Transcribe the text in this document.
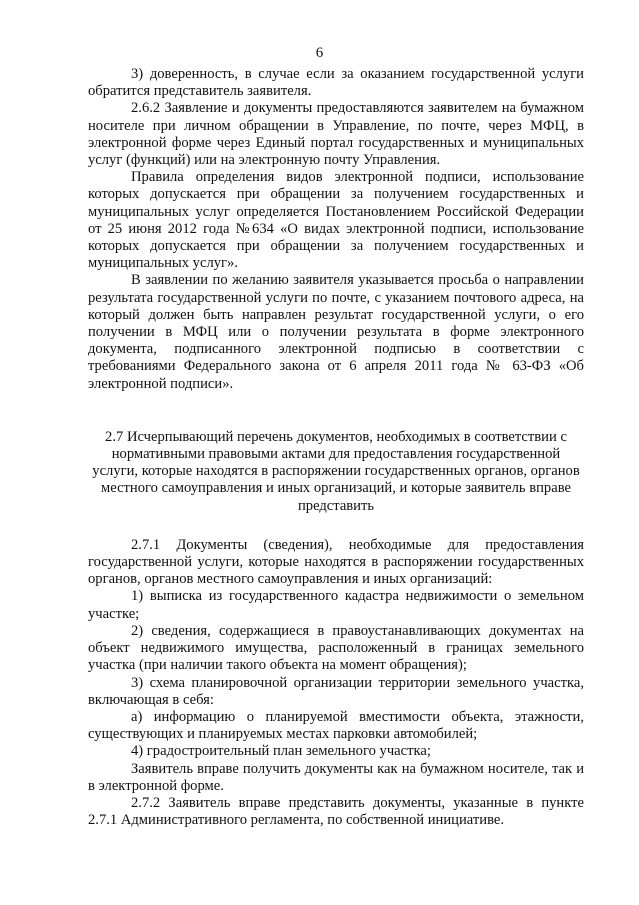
6

3) доверенность, в случае если за оказанием государственной услуги обратится представитель заявителя.

2.6.2 Заявление и документы предоставляются заявителем на бумажном носителе при личном обращении в Управление, по почте, через МФЦ, в электронной форме через Единый портал государственных и муниципальных услуг (функций) или на электронную почту Управления.

Правила определения видов электронной подписи, использование которых допускается при обращении за получением государственных и муниципальных услуг определяется Постановлением Российской Федерации от 25 июня 2012 года №634 «О видах электронной подписи, использование которых допускается при обращении за получением государственных и муниципальных услуг».

В заявлении по желанию заявителя указывается просьба о направлении результата государственной услуги по почте, с указанием почтового адреса, на который должен быть направлен результат государственной услуги, о его получении в МФЦ или о получении результата в форме электронного документа, подписанного электронной подписью в соответствии с требованиями Федерального закона от 6 апреля 2011 года № 63-ФЗ «Об электронной подписи».

2.7 Исчерпывающий перечень документов, необходимых в соответствии с нормативными правовыми актами для предоставления государственной услуги, которые находятся в распоряжении государственных органов, органов местного самоуправления и иных организаций, и которые заявитель вправе представить

2.7.1 Документы (сведения), необходимые для предоставления государственной услуги, которые находятся в распоряжении государственных органов, органов местного самоуправления и иных организаций:

1) выписка из государственного кадастра недвижимости о земельном участке;

2) сведения, содержащиеся в правоустанавливающих документах на объект недвижимого имущества, расположенный в границах земельного участка (при наличии такого объекта на момент обращения);

3) схема планировочной организации территории земельного участка, включающая в себя:

а) информацию о планируемой вместимости объекта, этажности, существующих и планируемых местах парковки автомобилей;

4) градостроительный план земельного участка;

Заявитель вправе получить документы как на бумажном носителе, так и в электронной форме.

2.7.2 Заявитель вправе представить документы, указанные в пункте 2.7.1 Административного регламента, по собственной инициативе.
